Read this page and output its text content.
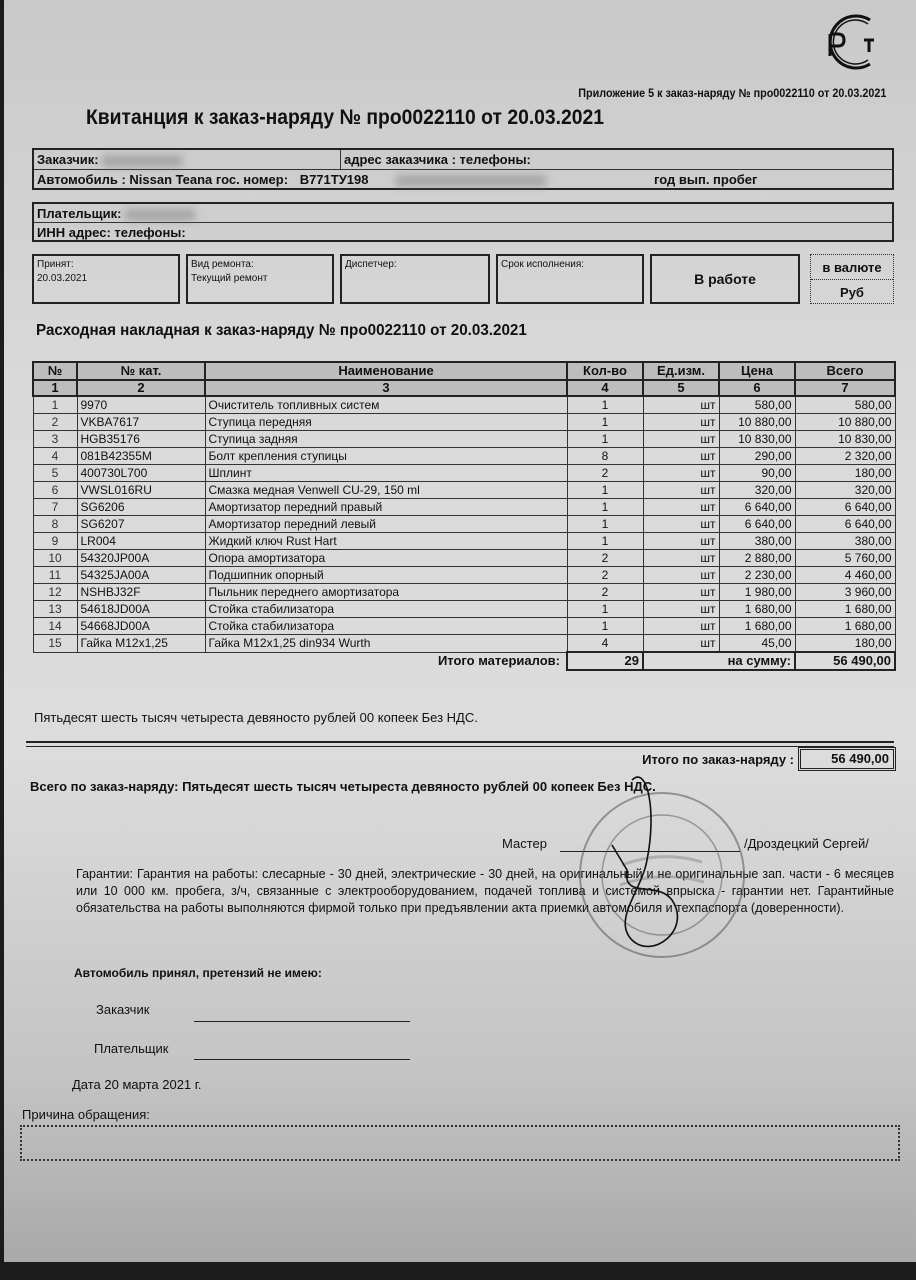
Приложение 5 к заказ-наряду № про0022110 от 20.03.2021
Квитанция к заказ-наряду № про0022110 от 20.03.2021
Заказчик:	адрес заказчика : телефоны:
Автомобиль : Nissan Teana гос. номер: В771ТУ198	год вып. пробег
Плательщик:
ИНН адрес: телефоны:
Принят:
20.03.2021
Вид ремонта:
Текущий ремонт
Диспетчер:	Срок исполнения:
В работе
в валюте
Руб
Расходная накладная к заказ-наряду № про0022110 от 20.03.2021
№	№ кат.	Наименование	Кол-во	Ед.изм.	Цена	Всего
1	2	3	4	5	6	7
1	9970	Очиститель топливных систем	1	шт	580,00	580,00
2	VKBA7617	Ступица передняя	1	шт	10 880,00	10 880,00
3	HGB35176	Ступица задняя	1	шт	10 830,00	10 830,00
4	081B42355M	Болт крепления ступицы	8	шт	290,00	2 320,00
5	400730L700	Шплинт	2	шт	90,00	180,00
6	VWSL016RU	Смазка медная Venwell CU-29, 150 ml	1	шт	320,00	320,00
7	SG6206	Амортизатор передний правый	1	шт	6 640,00	6 640,00
8	SG6207	Амортизатор передний левый	1	шт	6 640,00	6 640,00
9	LR004	Жидкий ключ Rust Hart	1	шт	380,00	380,00
10	54320JP00A	Опора амортизатора	2	шт	2 880,00	5 760,00
11	54325JA00A	Подшипник опорный	2	шт	2 230,00	4 460,00
12	NSHBJ32F	Пыльник переднего амортизатора	2	шт	1 980,00	3 960,00
13	54618JD00A	Стойка стабилизатора	1	шт	1 680,00	1 680,00
14	54668JD00A	Стойка стабилизатора	1	шт	1 680,00	1 680,00
15	Гайка M12x1,25	Гайка M12x1,25 din934 Wurth	4	шт	45,00	180,00
Итого материалов:			29	на сумму:		56 490,00
Пятьдесят шесть тысяч четыреста девяносто рублей 00 копеек Без НДС.
Итого по заказ-наряду :	56 490,00
Всего по заказ-наряду: Пятьдесят шесть тысяч четыреста девяносто рублей 00 копеек Без НДС.
Мастер	/Дроздецкий Сергей/
Гарантии: Гарантия на работы: слесарные - 30 дней, электрические - 30 дней, на оригинальный и не оригинальные зап. части - 6 месяцев или 10 000 км. пробега, з/ч, связанные с электрооборудованием, подачей топлива и системой впрыска - гарантии нет. Гарантийные обязательства на работы выполняются фирмой только при предъявлении акта приемки автомобиля и техпаспорта (доверенности).
Автомобиль принял, претензий не имею:
Заказчик
Плательщик
Дата 20 марта 2021 г.
Причина обращения:
